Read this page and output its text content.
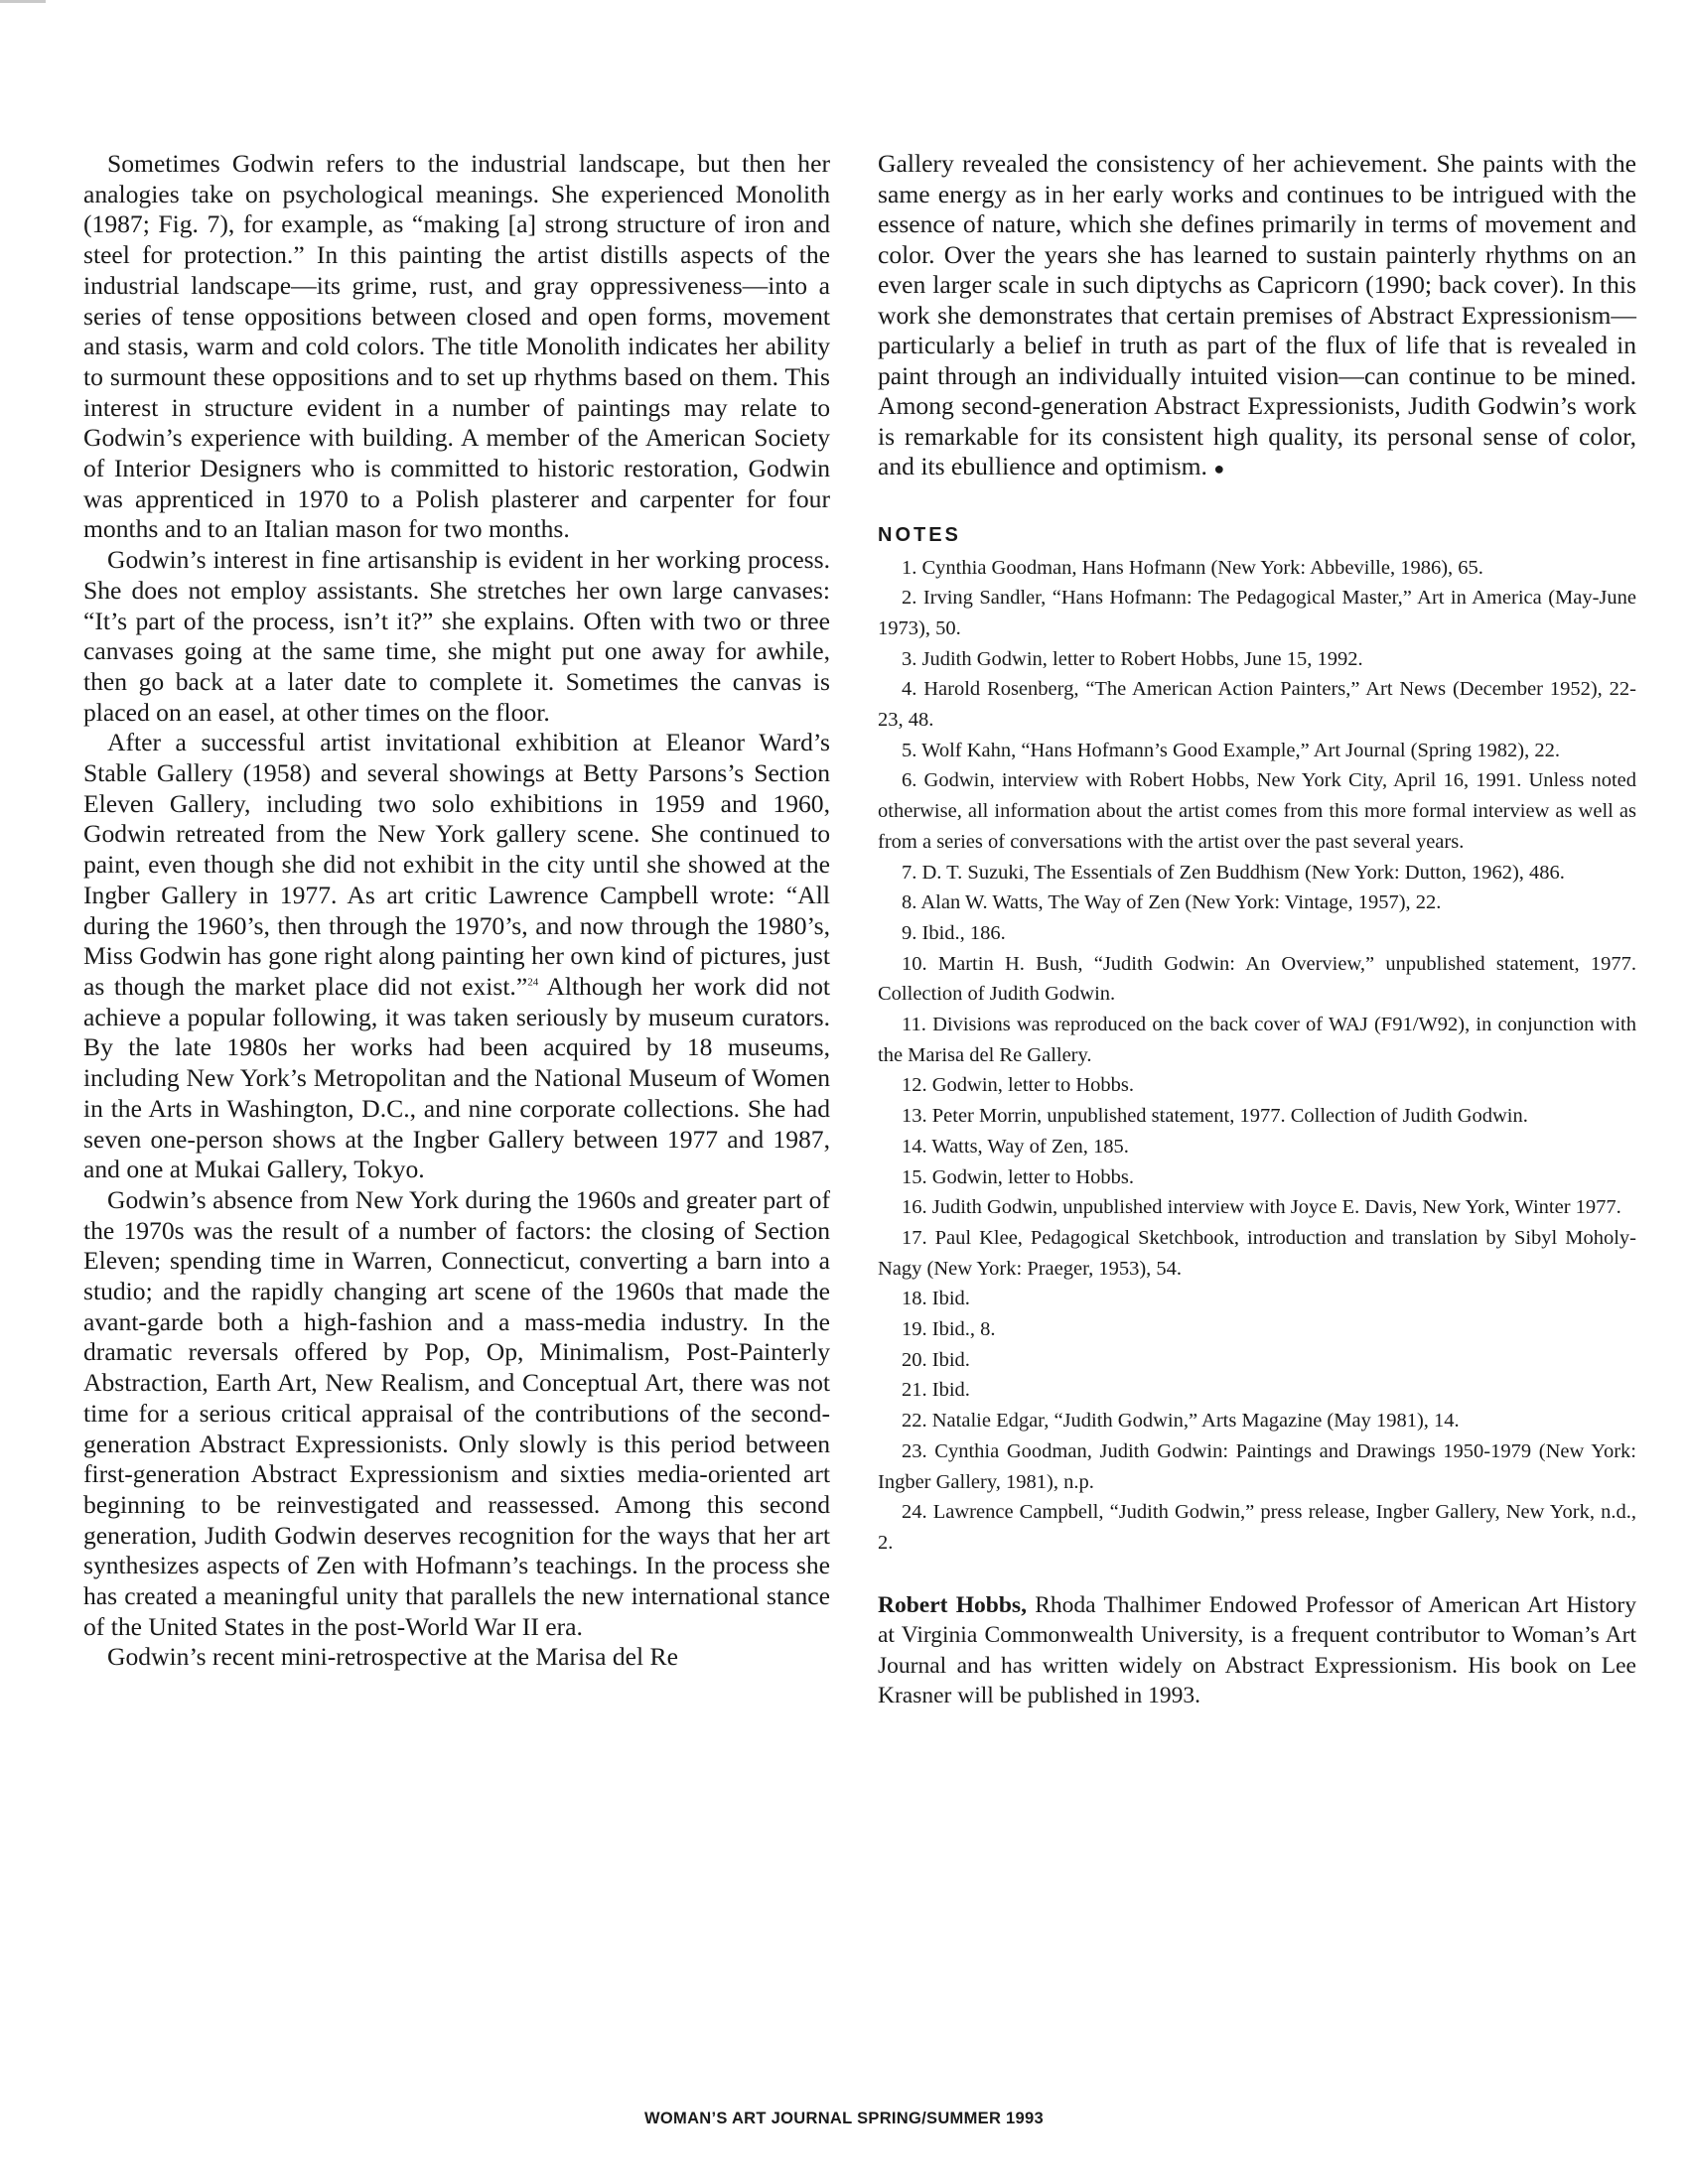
Sometimes Godwin refers to the industrial landscape, but then her analogies take on psychological meanings. She experienced Monolith (1987; Fig. 7), for example, as “making [a] strong structure of iron and steel for protection.” In this painting the artist distills aspects of the industrial landscape—its grime, rust, and gray oppressiveness—into a series of tense oppositions between closed and open forms, movement and stasis, warm and cold colors. The title Monolith indicates her ability to surmount these oppositions and to set up rhythms based on them. This interest in structure evident in a number of paintings may relate to Godwin’s experience with building. A member of the American Society of Interior Designers who is committed to historic restoration, Godwin was apprenticed in 1970 to a Polish plasterer and carpenter for four months and to an Italian mason for two months.

Godwin’s interest in fine artisanship is evident in her working process. She does not employ assistants. She stretches her own large canvases: “It’s part of the process, isn’t it?” she explains. Often with two or three canvases going at the same time, she might put one away for awhile, then go back at a later date to complete it. Sometimes the canvas is placed on an easel, at other times on the floor.

After a successful artist invitational exhibition at Eleanor Ward’s Stable Gallery (1958) and several showings at Betty Parsons’s Section Eleven Gallery, including two solo exhibitions in 1959 and 1960, Godwin retreated from the New York gallery scene. She continued to paint, even though she did not exhibit in the city until she showed at the Ingber Gallery in 1977. As art critic Lawrence Campbell wrote: “All during the 1960’s, then through the 1970’s, and now through the 1980’s, Miss Godwin has gone right along painting her own kind of pictures, just as though the market place did not exist.”$^{24}$ Although her work did not achieve a popular following, it was taken seriously by museum curators. By the late 1980s her works had been acquired by 18 museums, including New York’s Metropolitan and the National Museum of Women in the Arts in Washington, D.C., and nine corporate collections. She had seven one-person shows at the Ingber Gallery between 1977 and 1987, and one at Mukai Gallery, Tokyo.

Godwin’s absence from New York during the 1960s and greater part of the 1970s was the result of a number of factors: the closing of Section Eleven; spending time in Warren, Connecticut, converting a barn into a studio; and the rapidly changing art scene of the 1960s that made the avant-garde both a high-fashion and a mass-media industry. In the dramatic reversals offered by Pop, Op, Minimalism, Post-Painterly Abstraction, Earth Art, New Realism, and Conceptual Art, there was not time for a serious critical appraisal of the contributions of the second-generation Abstract Expressionists. Only slowly is this period between first-generation Abstract Expressionism and sixties media-oriented art beginning to be reinvestigated and reassessed. Among this second generation, Judith Godwin deserves recognition for the ways that her art synthesizes aspects of Zen with Hofmann’s teachings. In the process she has created a meaningful unity that parallels the new international stance of the United States in the post-World War II era.

Godwin’s recent mini-retrospective at the Marisa del Re

Gallery revealed the consistency of her achievement. She paints with the same energy as in her early works and continues to be intrigued with the essence of nature, which she defines primarily in terms of movement and color. Over the years she has learned to sustain painterly rhythms on an even larger scale in such diptychs as Capricorn (1990; back cover). In this work she demonstrates that certain premises of Abstract Expressionism—particularly a belief in truth as part of the flux of life that is revealed in paint through an individually intuited vision—can continue to be mined. Among second-generation Abstract Expressionists, Judith Godwin’s work is remarkable for its consistent high quality, its personal sense of color, and its ebullience and optimism. ●

NOTES
1. Cynthia Goodman, Hans Hofmann (New York: Abbeville, 1986), 65.
2. Irving Sandler, “Hans Hofmann: The Pedagogical Master,” Art in America (May-June 1973), 50.
3. Judith Godwin, letter to Robert Hobbs, June 15, 1992.
4. Harold Rosenberg, “The American Action Painters,” Art News (December 1952), 22-23, 48.
5. Wolf Kahn, “Hans Hofmann’s Good Example,” Art Journal (Spring 1982), 22.
6. Godwin, interview with Robert Hobbs, New York City, April 16, 1991. Unless noted otherwise, all information about the artist comes from this more formal interview as well as from a series of conversations with the artist over the past several years.
7. D. T. Suzuki, The Essentials of Zen Buddhism (New York: Dutton, 1962), 486.
8. Alan W. Watts, The Way of Zen (New York: Vintage, 1957), 22.
9. Ibid., 186.
10. Martin H. Bush, “Judith Godwin: An Overview,” unpublished statement, 1977. Collection of Judith Godwin.
11. Divisions was reproduced on the back cover of WAJ (F91/W92), in conjunction with the Marisa del Re Gallery.
12. Godwin, letter to Hobbs.
13. Peter Morrin, unpublished statement, 1977. Collection of Judith Godwin.
14. Watts, Way of Zen, 185.
15. Godwin, letter to Hobbs.
16. Judith Godwin, unpublished interview with Joyce E. Davis, New York, Winter 1977.
17. Paul Klee, Pedagogical Sketchbook, introduction and translation by Sibyl Moholy-Nagy (New York: Praeger, 1953), 54.
18. Ibid.
19. Ibid., 8.
20. Ibid.
21. Ibid.
22. Natalie Edgar, “Judith Godwin,” Arts Magazine (May 1981), 14.
23. Cynthia Goodman, Judith Godwin: Paintings and Drawings 1950-1979 (New York: Ingber Gallery, 1981), n.p.
24. Lawrence Campbell, “Judith Godwin,” press release, Ingber Gallery, New York, n.d., 2.
Robert Hobbs, Rhoda Thalhimer Endowed Professor of American Art History at Virginia Commonwealth University, is a frequent contributor to Woman’s Art Journal and has written widely on Abstract Expressionism. His book on Lee Krasner will be published in 1993.
WOMAN’S ART JOURNAL SPRING/SUMMER 1993
